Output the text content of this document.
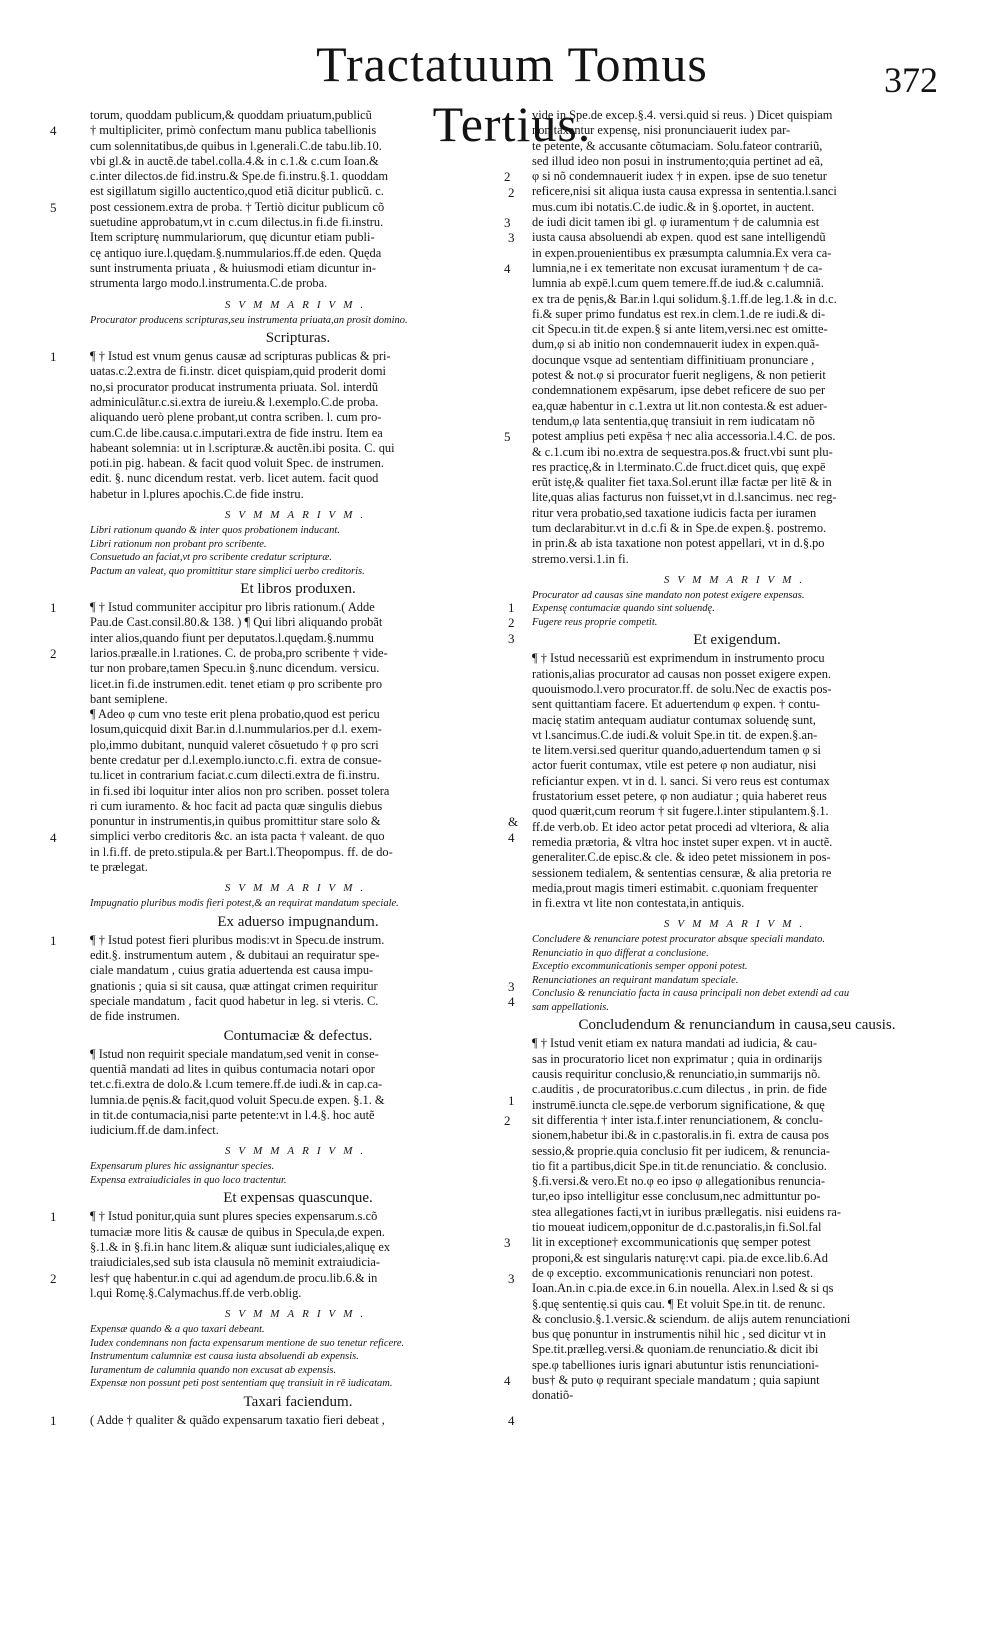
Tractatuum Tomus Tertius.
372
torum, quoddam publicum,& quoddam priuatum,publicũ
† multipliciter, primò confectum manu publica tabellionis
cum solennitatibus,de quibus in l.generali.C.de tabu.lib.10.
vbi gl.& in auctẽ.de tabel.colla.4.& in c.1.& c.cum Ioan.&
c.inter dilectos.de fid.instru.& Spe.de fi.instru.§.1. quoddam
est sigillatum sigillo auctentico,quod etiã dicitur publicũ. c.
post cessionem.extra de proba. † Tertiò dicitur publicum cõ
suetudine approbatum,vt in c.cum dilectus.in fi.de fi.instru.
Item scripturę nummulariorum, quę dicuntur etiam publi-
cę antiquo iure.l.quędam.§.nummularios.ff.de eden. Quęda
sunt instrumenta priuata , & huiusmodi etiam dicuntur in-
strumenta largo modo.l.instrumenta.C.de proba.
4
5
2
3
SVMMARIVM.
Procurator producens scripturas,seu instrumenta priuata,an prosit domino.
Scripturas.
¶ † Istud est vnum genus causæ ad scripturas publicas & pri-
uatas.c.2.extra de fi.instr. dicet quispiam,quid proderit domi
no,si procurator producat instrumenta priuata. Sol. interdũ
adminiculãtur.c.si.extra de iureiu.& l.exemplo.C.de proba.
aliquando uerò plene probant,ut contra scriben. l. cum pro-
cum.C.de libe.causa.c.imputari.extra de fide instru. Item ea
habeant solemnia: ut in l.scripturæ.& auctẽn.ibi posita. C. qui
poti.in pig. habean. & facit quod voluit Spec. de instrumen.
edit. §. nunc dicendum restat. verb. licet autem. facit quod
habetur in l.plures apochis.C.de fide instru.
1
SVMMARIVM.
Libri rationum quando & inter quos probationem inducant.
Libri rationum non probant pro scribente.
Consuetudo an faciat,vt pro scribente credatur scripturæ.
Pactum an valeat, quo promittitur stare simplici uerbo creditoris.
Et libros produxen.
¶ † Istud communiter accipitur pro libris rationum.( Adde
Pau.de Cast.consil.80.& 138. ) ¶ Qui libri aliquando probãt
inter alios,quando fiunt per deputatos.l.quędam.§.nummu
larios.præalle.in l.rationes. C. de proba,pro scribente † vide-
tur non probare,tamen Specu.in §.nunc dicendum. versicu.
licet.in fi.de instrumen.edit. tenet etiam φ pro scribente pro
bant semiplene.
1
2
1
2
3
¶ Adeo φ cum vno teste erit plena probatio,quod est pericu
losum,quicquid dixit Bar.in d.l.nummularios.per d.l. exem-
plo,immo dubitant, nunquid valeret cõsuetudo † φ pro scri
bente credatur per d.l.exemplo.iuncto.c.fi. extra de consue-
tu.licet in contrarium faciat.c.cum dilecti.extra de fi.instru.
in fi.sed ibi loquitur inter alios non pro scriben. posset tolera
ri cum iuramento. & hoc facit ad pacta quæ singulis diebus
ponuntur in instrumentis,in quibus promittitur stare solo &
simplici verbo creditoris &c. an ista pacta † valeant. de quo
in l.fi.ff. de preto.stipula.& per Bart.l.Theopompus. ff. de do-
te prælegat.
4
&
4
SVMMARIVM.
Impugnatio pluribus modis fieri potest,& an requirat mandatum speciale.
Ex aduerso impugnandum.
¶ † Istud potest fieri pluribus modis:vt in Specu.de instrum.
edit.§. instrumentum autem , & dubitaui an requiratur spe-
ciale mandatum , cuius gratia aduertenda est causa impu-
gnationis ; quia si sit causa, quæ attingat crimen requiritur
speciale mandatum , facit quod habetur in leg. si vteris. C.
de fide instrumen.
1
3
4
Contumaciæ & defectus.
¶ Istud non requirit speciale mandatum,sed venit in conse-
quentiã mandati ad lites in quibus contumacia notari opor
tet.c.fi.extra de dolo.& l.cum temere.ff.de iudi.& in cap.ca-
lumnia.de pęnis.& facit,quod voluit Specu.de expen. §.1. &
in tit.de contumacia,nisi parte petente:vt in l.4.§. hoc autẽ
iudicium.ff.de dam.infect.
1
SVMMARIVM.
Expensarum plures hic assignantur species.
Expensa extraiudiciales in quo loco tractentur.
Et expensas quascunque.
¶ † Istud ponitur,quia sunt plures species expensarum.s.cõ
tumaciæ more litis & causæ de quibus in Specula,de expen.
§.1.& in §.fi.in hanc litem.& aliquæ sunt iudiciales,aliquę ex
traiudiciales,sed sub ista clausula nõ meminit extraiudicia-
les† quę habentur.in c.qui ad agendum.de procu.lib.6.& in
l.qui Romę.§.Calymachus.ff.de verb.oblig.
1
2	3
SVMMARIVM.
Expensæ quando & a quo taxari debeant.
Iudex condemnans non facta expensarum mentione de suo tenetur reficere.
Instrumentum calumniæ est causa iusta absoluendi ab expensis.
Iuramentum de calumnia quando non excusat ab expensis.
Expensæ non possunt peti post sententiam quę transiuit in rē iudicatam.
Taxari faciendum.
( Adde † qualiter & quãdo expensarum taxatio fieri debeat ,
1	4
vide in Spe.de excep.§.4. versi.quid si reus. ) Dicet quispiam
non taxantur expensę, nisi pronunciauerit iudex par-
te petente, & accusante cõtumaciam. Solu.fateor contrariũ,
sed illud ideo non posui in instrumento;quia pertinet ad eã,
φ si nõ condemnauerit iudex † in expen. ipse de suo tenetur
reficere,nisi sit aliqua iusta causa expressa in sententia.l.sanci
mus.cum ibi notatis.C.de iudic.& in §.oportet, in auctent.
de iudi dicit tamen ibi gl. φ iuramentum † de calumnia est
iusta causa absoluendi ab expen. quod est sane intelligendũ
in expen.prouenientibus ex præsumpta calumnia.Ex vera ca-
lumnia,ne i ex temeritate non excusat iuramentum † de ca-
lumnia ab expē.l.cum quem temere.ff.de iud.& c.calumniã.
ex tra de pęnis,& Bar.in l.qui solidum.§.1.ff.de leg.1.& in d.c.
fi.& super primo fundatus est rex.in clem.1.de re iudi.& di-
cit Specu.in tit.de expen.§ si ante litem,versi.nec est omitte-
dum,φ si ab initio non condemnauerit iudex in expen.quã-
docunque vsque ad sententiam diffinitiuam pronunciare ,
potest & not.φ si procurator fuerit negligens, & non petierit
condemnationem expēsarum, ipse debet reficere de suo per
ea,quæ habentur in c.1.extra ut lit.non contesta.& est aduer-
tendum,φ lata sententia,quę transiuit in rem iudicatam nõ
potest amplius peti expēsa † nec alia accessoria.l.4.C. de pos.
& c.1.cum ibi no.extra de sequestra.pos.& fruct.vbi sunt plu-
res practicę,& in l.terminato.C.de fruct.dicet quis, quę expē
erũt istę,& qualiter fiet taxa.Sol.erunt illæ factæ per litē & in
lite,quas alias facturus non fuisset,vt in d.l.sancimus. nec reg-
ritur vera probatio,sed taxatione iudicis facta per iuramen
tum declarabitur.vt in d.c.fi & in Spe.de expen.§. postremo.
in prin.& ab ista taxatione non potest appellari, vt in d.§.po
stremo.versi.1.in fi.
2
3
4
5
SVMMARIVM.
Procurator ad causas sine mandato non potest exigere expensas.
Expensę contumaciæ quando sint soluendę.
Fugere reus proprie competit.
Et exigendum.
¶ † Istud necessariũ est exprimendum in instrumento procu
rationis,alias procurator ad causas non posset exigere expen.
quouismodo.l.vero procurator.ff. de solu.Nec de exactis pos-
sent quittantiam facere. Et aduertendum φ expen. † contu-
macię statim antequam audiatur contumax soluendę sunt,
vt l.sancimus.C.de iudi.& voluit Spe.in tit. de expen.§.an-
te litem.versi.sed queritur quando,aduertendum tamen φ si
actor fuerit contumax, vtile est petere φ non audiatur, nisi
reficiantur expen. vt in d. l. sanci. Si vero reus est contumax
frustatorium esset petere, φ non audiatur ; quia haberet reus
quod quærit,cum reorum † sit fugere.l.inter stipulantem.§.1.
ff.de verb.ob. Et ideo actor petat procedi ad vlteriora, & alia
remedia prætoria, & vltra hoc instet super expen. vt in auctẽ.
generaliter.C.de episc.& cle. & ideo petet missionem in pos-
sessionem tedialem, & sententias censuræ, & alia pretoria re
media,prout magis timeri estimabit. c.quoniam frequenter
in fi.extra vt lite non contestata,in antiquis.
SVMMARIVM.
Concludere & renunciare potest procurator absque speciali mandato.
Renunciatio in quo differat a conclusione.
Exceptio excommunicationis semper opponi potest.
Renunciationes an requirant mandatum speciale.
Conclusio & renunciatio facta in causa principali non debet extendi ad cau
sam appellationis.
Concludendum & renunciandum in causa,seu causis.
¶ † Istud venit etiam ex natura mandati ad iudicia, & cau-
sas in procuratorio licet non exprimatur ; quia in ordinarijs
causis requiritur conclusio,& renunciatio,in summarijs nõ.
c.auditis , de procuratoribus.c.cum dilectus , in prin. de fide
instrumē.iuncta cle.sępe.de verborum significatione, & quę
sit differentia † inter ista.f.inter renunciationem, & conclu-
sionem,habetur ibi.& in c.pastoralis.in fi. extra de causa pos
sessio,& proprie.quia conclusio fit per iudicem, & renuncia-
tio fit a partibus,dicit Spe.in tit.de renunciatio. & conclusio.
§.fi.versi.& vero.Et no.φ eo ipso φ allegationibus renuncia-
tur,eo ipso intelligitur esse conclusum,nec admittuntur po-
stea allegationes facti,vt in iuribus prællegatis. nisi euidens ra-
tio moueat iudicem,opponitur de d.c.pastoralis,in fi.Sol.fal
lit in exceptione† excommunicationis quę semper potest
proponi,& est singularis naturę:vt capi. pia.de exce.lib.6.Ad
de φ exceptio. excommunicationis renunciari non potest.
Ioan.An.in c.pia.de exce.in 6.in nouella. Alex.in l.sed & si qs
§.quę sententię.si quis cau. ¶ Et voluit Spe.in tit. de renunc.
& conclusio.§.1.versic.& sciendum. de alijs autem renunciationi
bus quę ponuntur in instrumentis nihil hic , sed dicitur vt in
Spe.tit.prælleg.versi.& quoniam.de renunciatio.& dicit ibi
spe.φ tabelliones iuris ignari abutuntur istis renunciationi-
bus† & puto φ requirant speciale mandatum ; quia sapiunt
donatiõ-
2
3
4
